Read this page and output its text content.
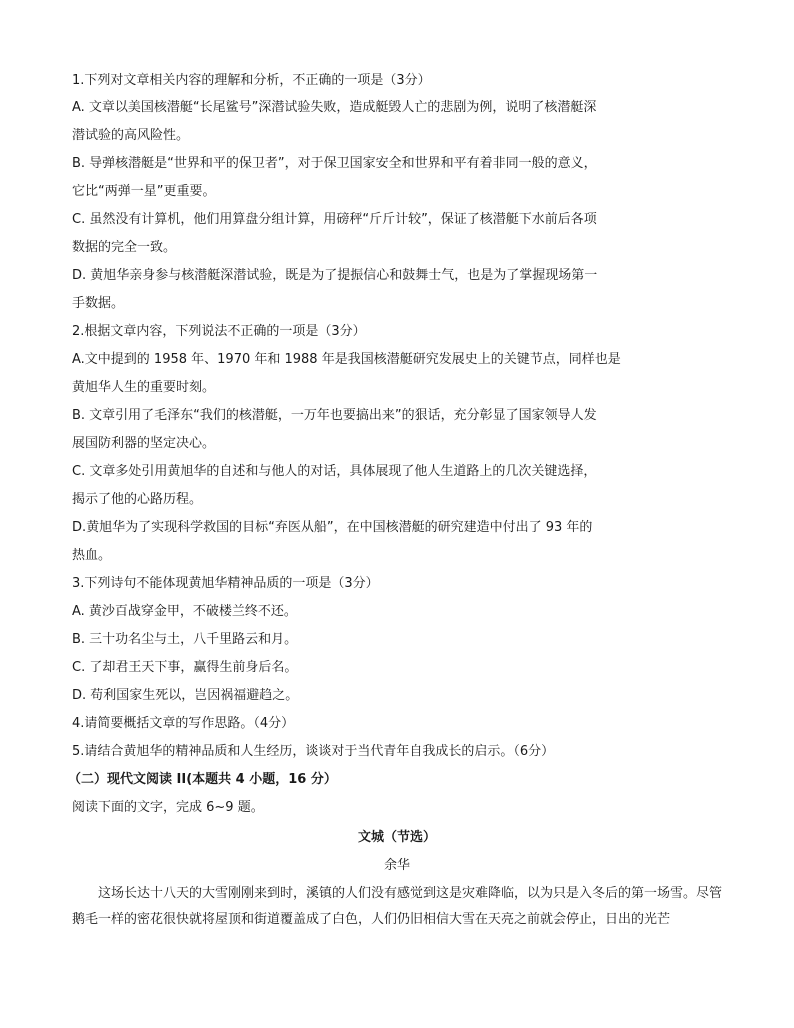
1.下列对文章相关内容的理解和分析，不正确的一项是（3分）
A. 文章以美国核潜艇“长尾鲨号”深潜试验失败，造成艇毁人亡的悲剧为例，说明了核潜艇深
潜试验的高风险性。
B. 导弹核潜艇是“世界和平的保卫者”，对于保卫国家安全和世界和平有着非同一般的意义，
它比“两弹一星”更重要。
C. 虽然没有计算机，他们用算盘分组计算，用磅秤“斤斤计较”，保证了核潜艇下水前后各项
数据的完全一致。
D. 黄旭华亲身参与核潜艇深潜试验，既是为了提振信心和鼓舞士气，也是为了掌握现场第一
手数据。
2.根据文章内容，下列说法不正确的一项是（3分）
A.文中提到的 1958 年、1970 年和 1988 年是我国核潜艇研究发展史上的关键节点，同样也是
黄旭华人生的重要时刻。
B. 文章引用了毛泽东“我们的核潜艇，一万年也要搞出来”的狠话，充分彰显了国家领导人发
展国防利器的坚定决心。
C. 文章多处引用黄旭华的自述和与他人的对话，具体展现了他人生道路上的几次关键选择，
揭示了他的心路历程。
D.黄旭华为了实现科学救国的目标“弃医从船”，在中国核潜艇的研究建造中付出了 93 年的
热血。
3.下列诗句不能体现黄旭华精神品质的一项是（3分）
A. 黄沙百战穿金甲，不破楼兰终不还。
B. 三十功名尘与土，八千里路云和月。
C. 了却君王天下事，赢得生前身后名。
D. 苟利国家生死以，岂因祸福避趋之。
4.请简要概括文章的写作思路。（4分）
5.请结合黄旭华的精神品质和人生经历，谈谈对于当代青年自我成长的启示。（6分）
（二）现代文阅读 II(本题共 4 小题，16 分）
阅读下面的文字，完成 6~9 题。
文城（节选）
余华
这场长达十八天的大雪刚刚来到时，溪镇的人们没有感觉到这是灾难降临，以为只是入冬后的第一场雪。尽管鹅毛一样的密花很快就将屋顶和街道覆盖成了白色，人们仍旧相信大雪在天亮之前就会停止，日出的光芒
